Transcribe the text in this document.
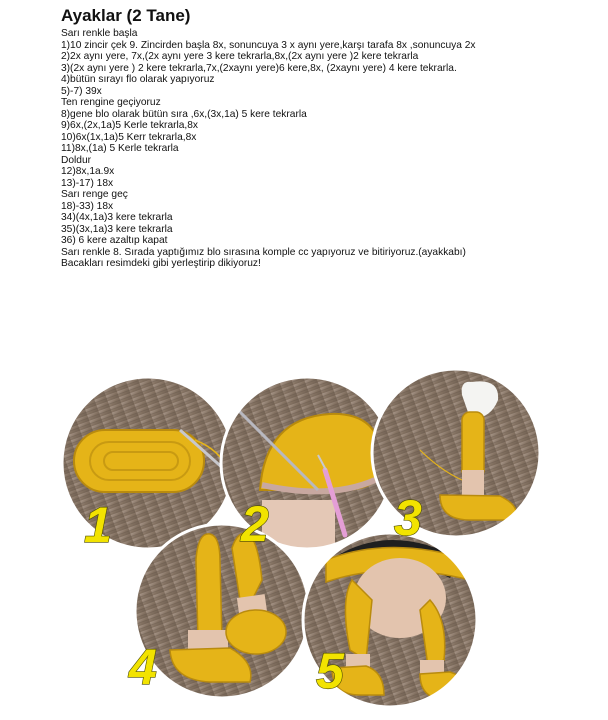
Ayaklar (2 Tane)
Sarı renkle başla
1)10 zincir çek 9. Zincirden başla 8x, sonuncuya 3 x aynı yere,karşı tarafa 8x ,sonuncuya 2x
2)2x aynı yere, 7x,(2x aynı yere 3 kere tekrarla,8x,(2x aynı yere )2 kere tekrarla
3)(2x aynı yere ) 2 kere tekrarla,7x,(2xaynı yere)6 kere,8x, (2xaynı yere) 4 kere tekrarla.
4)bütün sırayı flo olarak yapıyoruz
5)-7) 39x
Ten rengine geçiyoruz
8)gene blo olarak bütün sıra ,6x,(3x,1a) 5 kere tekrarla
9)6x,(2x,1a)5 Kerle tekrarla,8x
10)6x(1x,1a)5 Kerr tekrarla,8x
11)8x,(1a) 5 Kerle tekrarla
Doldur
12)8x,1a.9x
13)-17) 18x
Sarı renge geç
18)-33) 18x
34)(4x,1a)3 kere tekrarla
35)(3x,1a)3 kere tekrarla
36) 6 kere azaltıp kapat
Sarı renkle 8. Sırada yaptığımız blo sırasına komple cc yapıyoruz ve bitiriyoruz.(ayakkabı)
Bacakları resimdeki gibi yerleştirip dikiyoruz!
1	2	3
4	5
